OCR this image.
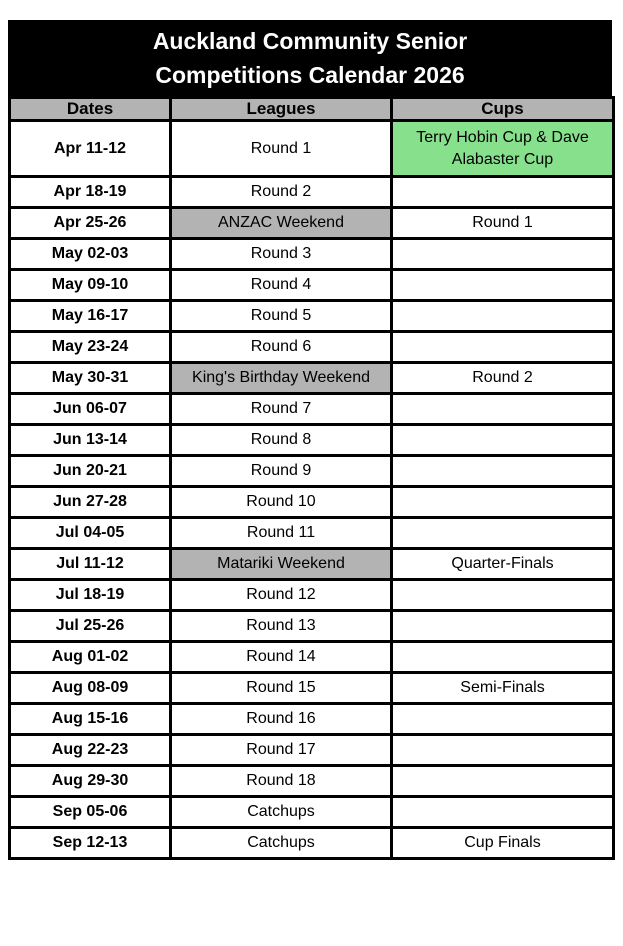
Auckland Community Senior
Competitions Calendar 2026
Dates	Leagues	Cups
Apr 11-12	Round 1	Terry Hobin Cup & Dave Alabaster Cup
Apr 18-19	Round 2	
Apr 25-26	ANZAC Weekend	Round 1
May 02-03	Round 3	
May 09-10	Round 4	
May 16-17	Round 5	
May 23-24	Round 6	
May 30-31	King's Birthday Weekend	Round 2
Jun 06-07	Round 7	
Jun 13-14	Round 8	
Jun 20-21	Round 9	
Jun 27-28	Round 10	
Jul 04-05	Round 11	
Jul 11-12	Matariki Weekend	Quarter-Finals
Jul 18-19	Round 12	
Jul 25-26	Round 13	
Aug 01-02	Round 14	
Aug 08-09	Round 15	Semi-Finals
Aug 15-16	Round 16	
Aug 22-23	Round 17	
Aug 29-30	Round 18	
Sep 05-06	Catchups	
Sep 12-13	Catchups	Cup Finals
